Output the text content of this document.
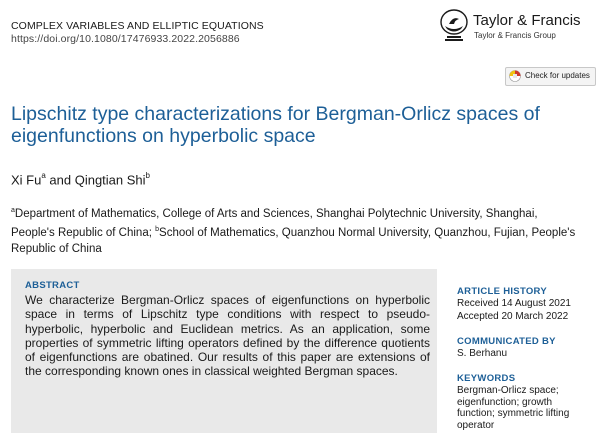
COMPLEX VARIABLES AND ELLIPTIC EQUATIONS
https://doi.org/10.1080/17476933.2022.2056886
Taylor & Francis
Taylor & Francis Group
Check for updates
Lipschitz type characterizations for Bergman-Orlicz spaces of eigenfunctions on hyperbolic space
Xi Fu$^a$ and Qingtian Shi$^b$
$^a$Department of Mathematics, College of Arts and Sciences, Shanghai Polytechnic University, Shanghai, People's Republic of China; $^b$School of Mathematics, Quanzhou Normal University, Quanzhou, Fujian, People's Republic of China
ABSTRACT

We characterize Bergman-Orlicz spaces of eigenfunctions on hyperbolic space in terms of Lipschitz type conditions with respect to pseudo-hyperbolic, hyperbolic and Euclidean metrics. As an application, some properties of symmetric lifting operators defined by the difference quotients of eigenfunctions are obatined. Our results of this paper are extensions of the corresponding known ones in classical weighted Bergman spaces.

ARTICLE HISTORY
Received 14 August 2021
Accepted 20 March 2022
COMMUNICATED BY
S. Berhanu
KEYWORDS
Bergman-Orlicz space;
eigenfunction; growth
function; symmetric lifting
operator
